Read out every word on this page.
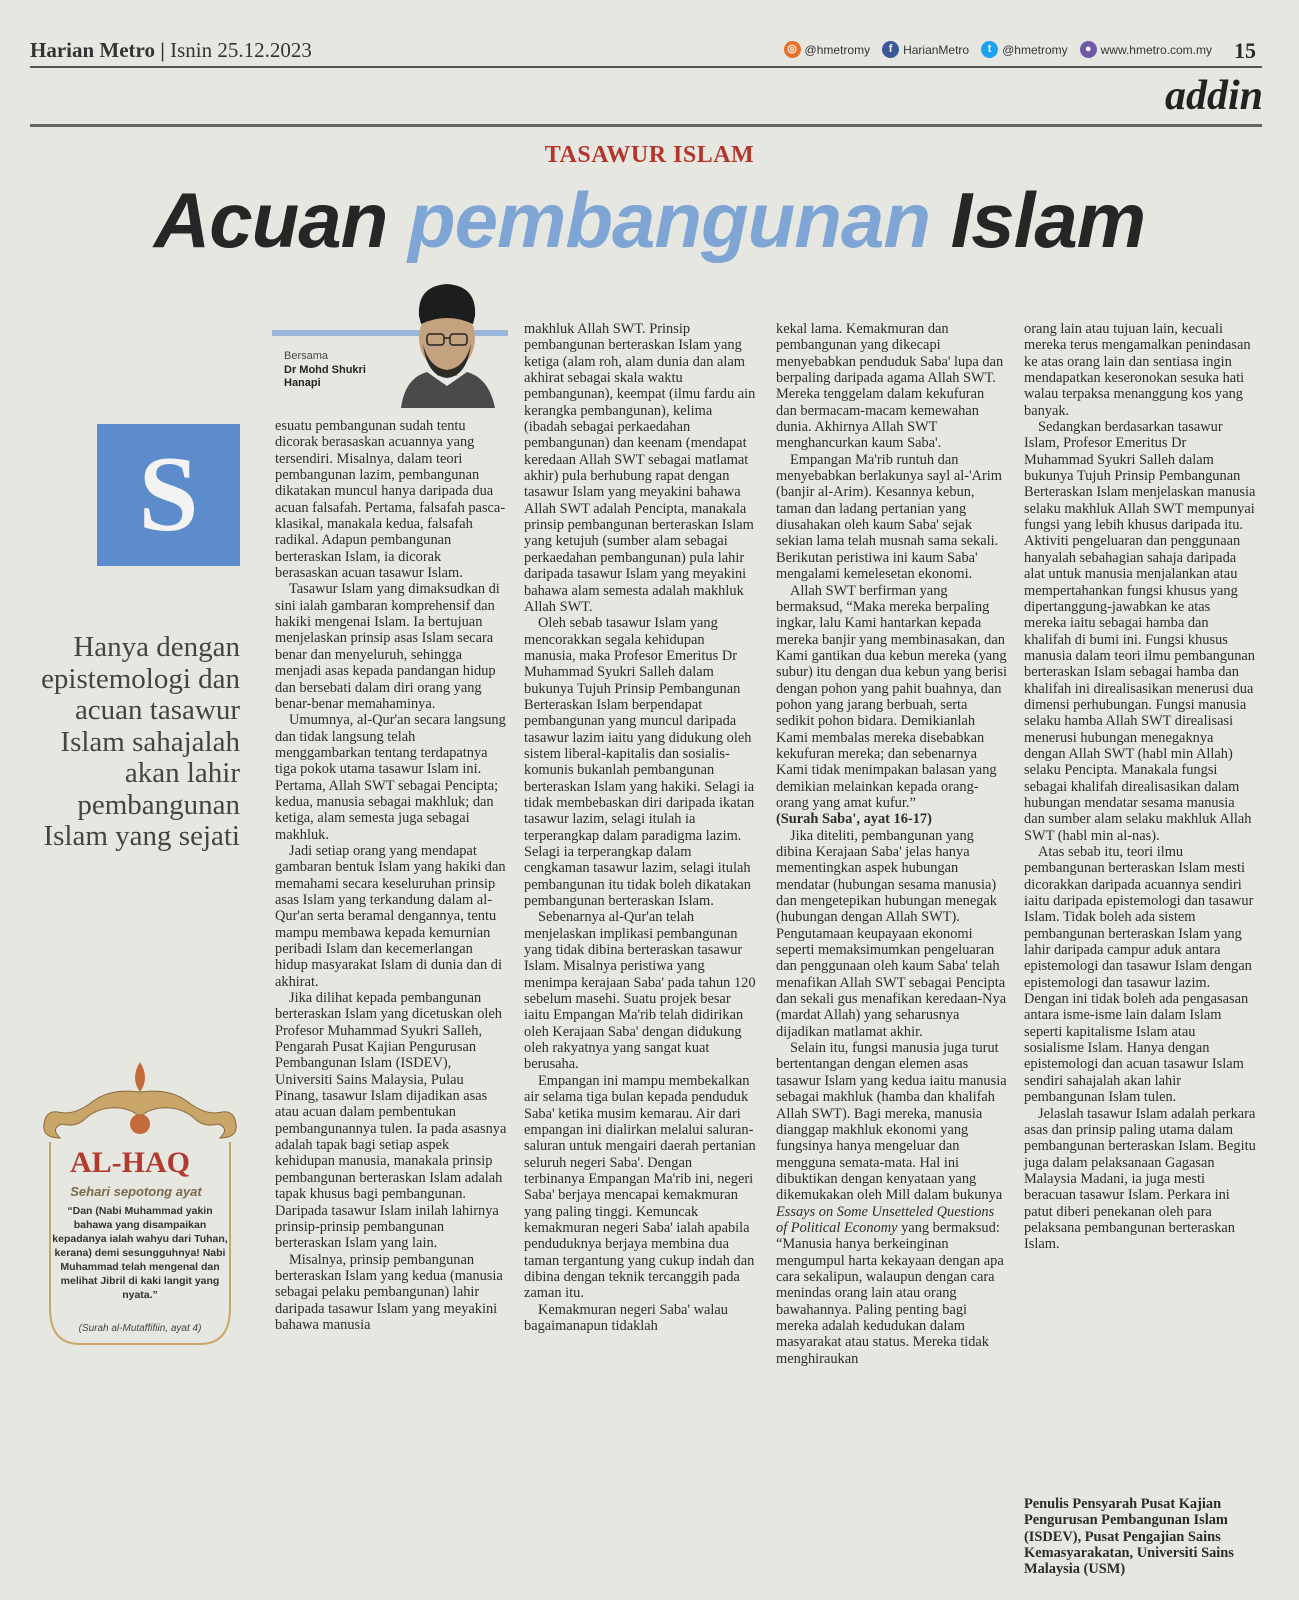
Harian Metro | Isnin 25.12.2023	◎ @hmetromy	f HarianMetro	t @hmetromy	● www.hmetro.com.my 15
addin
TASAWUR ISLAM
Acuan pembangunan Islam
Bersama
Dr Mohd Shukri Hanapi
S
Hanya dengan epistemologi dan acuan tasawur Islam sahajalah akan lahir pembangunan Islam yang sejati
AL-HAQ
Sehari sepotong ayat
“Dan (Nabi Muhammad yakin bahawa yang disampaikan kepadanya ialah wahyu dari Tuhan, kerana) demi sesungguhnya! Nabi Muhammad telah mengenal dan melihat Jibril di kaki langit yang nyata.”
(Surah al-Mutaffifiin, ayat 4)

esuatu pembangunan sudah tentu dicorak berasaskan acuannya yang tersendiri. Misalnya, dalam teori pembangunan lazim, pembangunan dikatakan muncul hanya daripada dua acuan falsafah. Pertama, falsafah pasca-klasikal, manakala kedua, falsafah radikal. Adapun pembangunan berteraskan Islam, ia dicorak berasaskan acuan tasawur Islam.

Tasawur Islam yang dimaksudkan di sini ialah gambaran komprehensif dan hakiki mengenai Islam. Ia bertujuan menjelaskan prinsip asas Islam secara benar dan menyeluruh, sehingga menjadi asas kepada pandangan hidup dan bersebati dalam diri orang yang benar-benar memahaminya.

Umumnya, al-Qur'an secara langsung dan tidak langsung telah menggambarkan tentang terdapatnya tiga pokok utama tasawur Islam ini. Pertama, Allah SWT sebagai Pencipta; kedua, manusia sebagai makhluk; dan ketiga, alam semesta juga sebagai makhluk.

Jadi setiap orang yang mendapat gambaran bentuk Islam yang hakiki dan memahami secara keseluruhan prinsip asas Islam yang terkandung dalam al-Qur'an serta beramal dengannya, tentu mampu membawa kepada kemurnian peribadi Islam dan kecemerlangan hidup masyarakat Islam di dunia dan di akhirat.

Jika dilihat kepada pembangunan berteraskan Islam yang dicetuskan oleh Profesor Muhammad Syukri Salleh, Pengarah Pusat Kajian Pengurusan Pembangunan Islam (ISDEV), Universiti Sains Malaysia, Pulau Pinang, tasawur Islam dijadikan asas atau acuan dalam pembentukan pembangunannya tulen. Ia pada asasnya adalah tapak bagi setiap aspek kehidupan manusia, manakala prinsip pembangunan berteraskan Islam adalah tapak khusus bagi pembangunan. Daripada tasawur Islam inilah lahirnya prinsip-prinsip pembangunan berteraskan Islam yang lain.

Misalnya, prinsip pembangunan berteraskan Islam yang kedua (manusia sebagai pelaku pembangunan) lahir daripada tasawur Islam yang meyakini bahawa manusia

makhluk Allah SWT. Prinsip pembangunan berteraskan Islam yang ketiga (alam roh, alam dunia dan alam akhirat sebagai skala waktu pembangunan), keempat (ilmu fardu ain kerangka pembangunan), kelima (ibadah sebagai perkaedahan pembangunan) dan keenam (mendapat keredaan Allah SWT sebagai matlamat akhir) pula berhubung rapat dengan tasawur Islam yang meyakini bahawa Allah SWT adalah Pencipta, manakala prinsip pembangunan berteraskan Islam yang ketujuh (sumber alam sebagai perkaedahan pembangunan) pula lahir daripada tasawur Islam yang meyakini bahawa alam semesta adalah makhluk Allah SWT.

Oleh sebab tasawur Islam yang mencorakkan segala kehidupan manusia, maka Profesor Emeritus Dr Muhammad Syukri Salleh dalam bukunya Tujuh Prinsip Pembangunan Berteraskan Islam berpendapat pembangunan yang muncul daripada tasawur lazim iaitu yang didukung oleh sistem liberal-kapitalis dan sosialis-komunis bukanlah pembangunan berteraskan Islam yang hakiki. Selagi ia tidak membebaskan diri daripada ikatan tasawur lazim, selagi itulah ia terperangkap dalam paradigma lazim. Selagi ia terperangkap dalam cengkaman tasawur lazim, selagi itulah pembangunan itu tidak boleh dikatakan pembangunan berteraskan Islam.

Sebenarnya al-Qur'an telah menjelaskan implikasi pembangunan yang tidak dibina berteraskan tasawur Islam. Misalnya peristiwa yang menimpa kerajaan Saba' pada tahun 120 sebelum masehi. Suatu projek besar iaitu Empangan Ma'rib telah didirikan oleh Kerajaan Saba' dengan didukung oleh rakyatnya yang sangat kuat berusaha.

Empangan ini mampu membekalkan air selama tiga bulan kepada penduduk Saba' ketika musim kemarau. Air dari empangan ini dialirkan melalui saluran-saluran untuk mengairi daerah pertanian seluruh negeri Saba'. Dengan terbinanya Empangan Ma'rib ini, negeri Saba' berjaya mencapai kemakmuran yang paling tinggi. Kemuncak kemakmuran negeri Saba' ialah apabila penduduknya berjaya membina dua taman tergantung yang cukup indah dan dibina dengan teknik tercanggih pada zaman itu.

Kemakmuran negeri Saba' walau bagaimanapun tidaklah

kekal lama. Kemakmuran dan pembangunan yang dikecapi menyebabkan penduduk Saba' lupa dan berpaling daripada agama Allah SWT. Mereka tenggelam dalam kekufuran dan bermacam-macam kemewahan dunia. Akhirnya Allah SWT menghancurkan kaum Saba'.

Empangan Ma'rib runtuh dan menyebabkan berlakunya sayl al-'Arim (banjir al-Arim). Kesannya kebun, taman dan ladang pertanian yang diusahakan oleh kaum Saba' sejak sekian lama telah musnah sama sekali. Berikutan peristiwa ini kaum Saba' mengalami kemelesetan ekonomi.

Allah SWT berfirman yang bermaksud, “Maka mereka berpaling ingkar, lalu Kami hantarkan kepada mereka banjir yang membinasakan, dan Kami gantikan dua kebun mereka (yang subur) itu dengan dua kebun yang berisi dengan pohon yang pahit buahnya, dan pohon yang jarang berbuah, serta sedikit pohon bidara. Demikianlah Kami membalas mereka disebabkan kekufuran mereka; dan sebenarnya Kami tidak menimpakan balasan yang demikian melainkan kepada orang-orang yang amat kufur.”

(Surah Saba', ayat 16-17)

Jika diteliti, pembangunan yang dibina Kerajaan Saba' jelas hanya mementingkan aspek hubungan mendatar (hubungan sesama manusia) dan mengetepikan hubungan menegak (hubungan dengan Allah SWT). Pengutamaan keupayaan ekonomi seperti memaksimumkan pengeluaran dan penggunaan oleh kaum Saba' telah menafikan Allah SWT sebagai Pencipta dan sekali gus menafikan keredaan-Nya (mardat Allah) yang seharusnya dijadikan matlamat akhir.

Selain itu, fungsi manusia juga turut bertentangan dengan elemen asas tasawur Islam yang kedua iaitu manusia sebagai makhluk (hamba dan khalifah Allah SWT). Bagi mereka, manusia dianggap makhluk ekonomi yang fungsinya hanya mengeluar dan mengguna semata-mata. Hal ini dibuktikan dengan kenyataan yang dikemukakan oleh Mill dalam bukunya Essays on Some Unsetteled Questions of Political Economy yang bermaksud: “Manusia hanya berkeinginan mengumpul harta kekayaan dengan apa cara sekalipun, walaupun dengan cara menindas orang lain atau orang bawahannya. Paling penting bagi mereka adalah kedudukan dalam masyarakat atau status. Mereka tidak menghiraukan

orang lain atau tujuan lain, kecuali mereka terus mengamalkan penindasan ke atas orang lain dan sentiasa ingin mendapatkan keseronokan sesuka hati walau terpaksa menanggung kos yang banyak.

Sedangkan berdasarkan tasawur Islam, Profesor Emeritus Dr Muhammad Syukri Salleh dalam bukunya Tujuh Prinsip Pembangunan Berteraskan Islam menjelaskan manusia selaku makhluk Allah SWT mempunyai fungsi yang lebih khusus daripada itu. Aktiviti pengeluaran dan penggunaan hanyalah sebahagian sahaja daripada alat untuk manusia menjalankan atau mempertahankan fungsi khusus yang dipertanggung-jawabkan ke atas mereka iaitu sebagai hamba dan khalifah di bumi ini. Fungsi khusus manusia dalam teori ilmu pembangunan berteraskan Islam sebagai hamba dan khalifah ini direalisasikan menerusi dua dimensi perhubungan. Fungsi manusia selaku hamba Allah SWT direalisasi menerusi hubungan menegaknya dengan Allah SWT (habl min Allah) selaku Pencipta. Manakala fungsi sebagai khalifah direalisasikan dalam hubungan mendatar sesama manusia dan sumber alam selaku makhluk Allah SWT (habl min al-nas).

Atas sebab itu, teori ilmu pembangunan berteraskan Islam mesti dicorakkan daripada acuannya sendiri iaitu daripada epistemologi dan tasawur Islam. Tidak boleh ada sistem pembangunan berteraskan Islam yang lahir daripada campur aduk antara epistemologi dan tasawur Islam dengan epistemologi dan tasawur lazim. Dengan ini tidak boleh ada pengasasan antara isme-isme lain dalam Islam seperti kapitalisme Islam atau sosialisme Islam. Hanya dengan epistemologi dan acuan tasawur Islam sendiri sahajalah akan lahir pembangunan Islam tulen.

Jelaslah tasawur Islam adalah perkara asas dan prinsip paling utama dalam pembangunan berteraskan Islam. Begitu juga dalam pelaksanaan Gagasan Malaysia Madani, ia juga mesti beracuan tasawur Islam. Perkara ini patut diberi penekanan oleh para pelaksana pembangunan berteraskan Islam.

Penulis Pensyarah Pusat Kajian Pengurusan Pembangunan Islam (ISDEV), Pusat Pengajian Sains Kemasyarakatan, Universiti Sains Malaysia (USM)
